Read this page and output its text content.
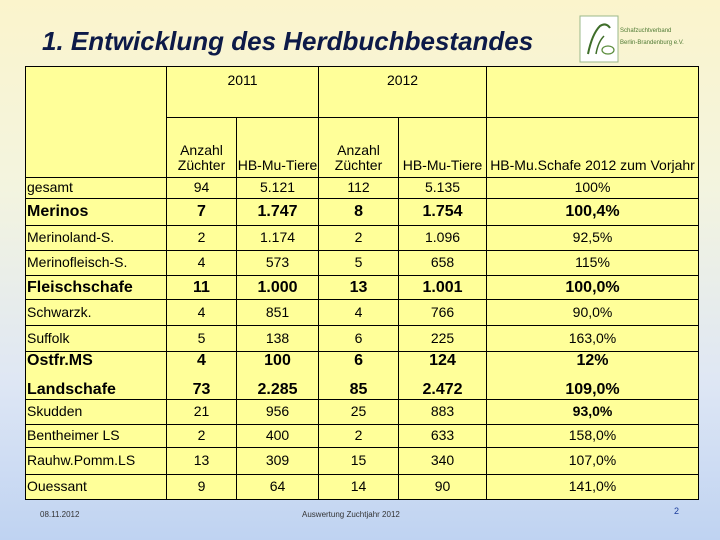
1. Entwicklung des Herdbuchbestandes	Schafzuchtverband
Berlin-Brandenburg e.V.
	2011		2012		
	Anzahl Züchter	HB-Mu-Tiere	Anzahl Züchter	HB-Mu-Tiere	HB-Mu.Schafe 2012 zum Vorjahr
gesamt	94	5.121	112	5.135	100%
Merinos	7	1.747	8	1.754	100,4%
Merinoland-S.	2	1.174	2	1.096	92,5%
Merinofleisch-S.	4	573	5	658	115%
Fleischschafe	11	1.000	13	1.001	100,0%
Schwarzk.	4	851	4	766	90,0%
Suffolk	5	138	6	225	163,0%
Ostfr.MS	4	100	6	124	12%
Landschafe	73	2.285	85	2.472	109,0%
Skudden	21	956	25	883	93,0%
Bentheimer LS	2	400	2	633	158,0%
Rauhw.Pomm.LS	13	309	15	340	107,0%
Ouessant	9	64	14	90	141,0%
08.11.2012	Auswertung Zuchtjahr 2012	2
